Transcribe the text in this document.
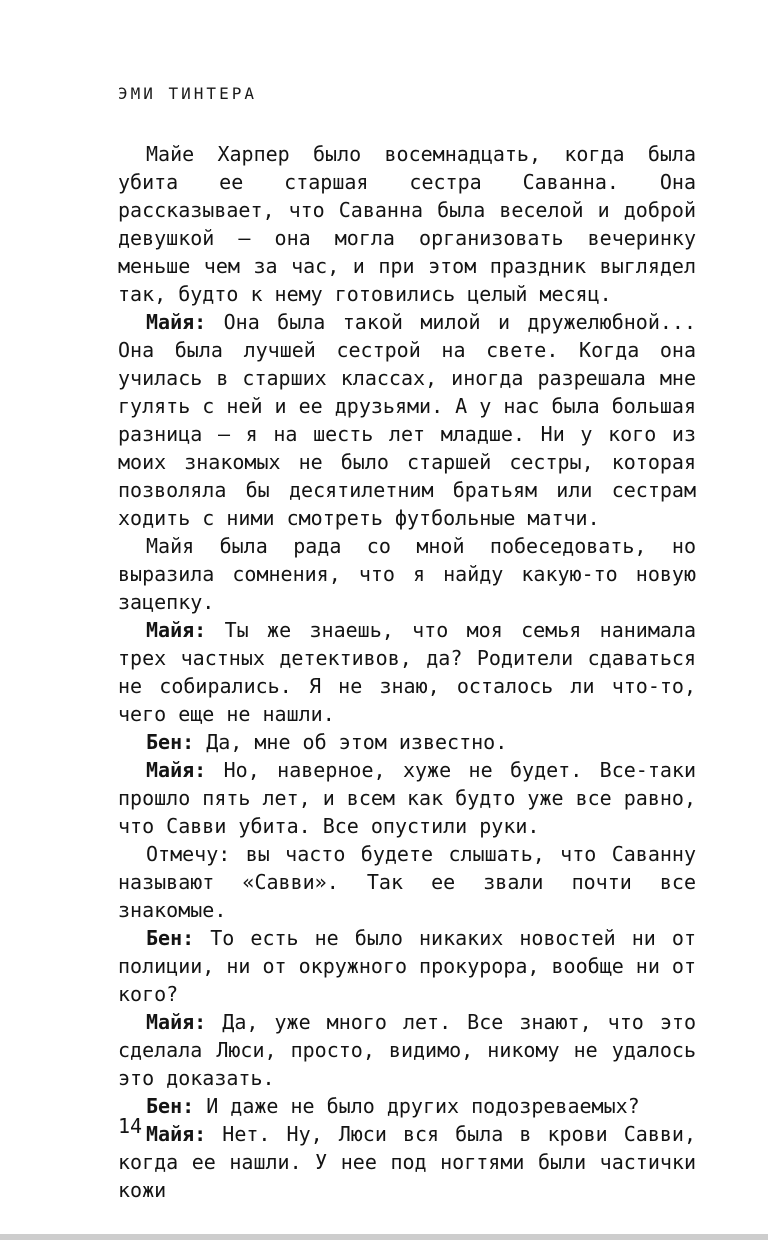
ЭМИ ТИНТЕРА

Майе Харпер было восемнадцать, когда была убита ее старшая сестра Саванна. Она рассказывает, что Саванна была веселой и доброй девушкой — она могла организовать вечеринку меньше чем за час, и при этом праздник выглядел так, будто к нему готовились целый месяц.

Майя: Она была такой милой и дружелюбной... Она была лучшей сестрой на свете. Когда она училась в старших классах, иногда разрешала мне гулять с ней и ее друзьями. А у нас была большая разница — я на шесть лет младше. Ни у кого из моих знакомых не было старшей сестры, которая позволяла бы десятилетним братьям или сестрам ходить с ними смотреть футбольные матчи.

Майя была рада со мной побеседовать, но выразила сомнения, что я найду какую-то новую зацепку.

Майя: Ты же знаешь, что моя семья нанимала трех частных детективов, да? Родители сдаваться не собирались. Я не знаю, осталось ли что-то, чего еще не нашли.

Бен: Да, мне об этом известно.

Майя: Но, наверное, хуже не будет. Все-таки прошло пять лет, и всем как будто уже все равно, что Савви убита. Все опустили руки.

Отмечу: вы часто будете слышать, что Саванну называют «Савви». Так ее звали почти все знакомые.

Бен: То есть не было никаких новостей ни от полиции, ни от окружного прокурора, вообще ни от кого?

Майя: Да, уже много лет. Все знают, что это сделала Люси, просто, видимо, никому не удалось это доказать.

Бен: И даже не было других подозреваемых?

Майя: Нет. Ну, Люси вся была в крови Савви, когда ее нашли. У нее под ногтями были частички кожи

14
